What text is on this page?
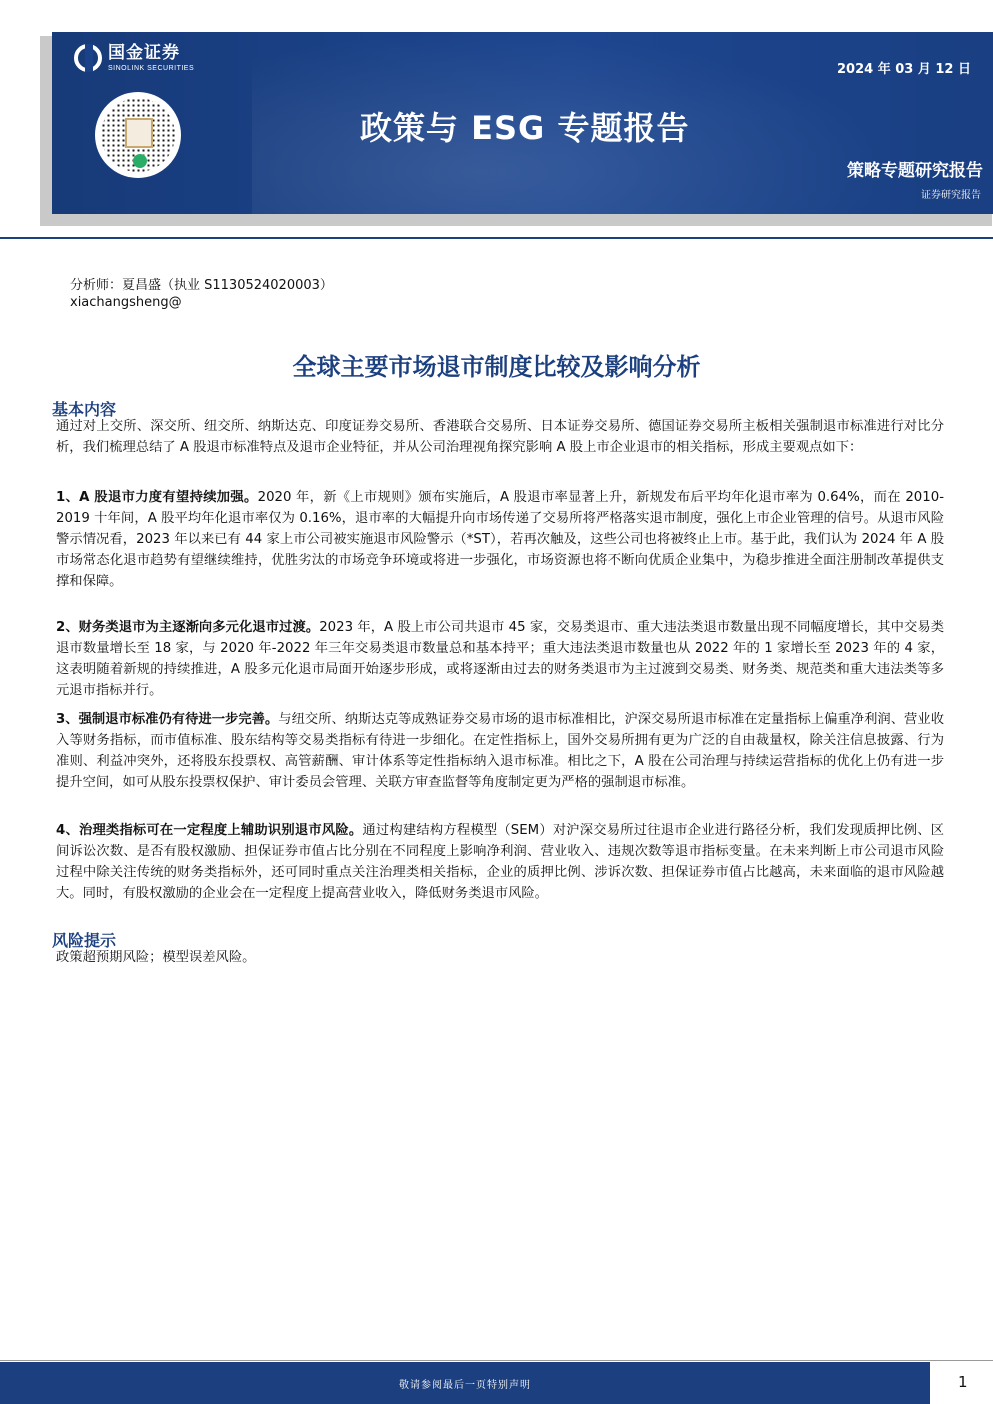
国金证券
SINOLINK SECURITIES	2024 年 03 月 12 日
政策与 ESG 专题报告
策略专题研究报告
证券研究报告
分析师：夏昌盛（执业 S1130524020003）
xiachangsheng@
全球主要市场退市制度比较及影响分析
基本内容
通过对上交所、深交所、纽交所、纳斯达克、印度证券交易所、香港联合交易所、日本证券交易所、德国证券交易所主板相关强制退市标准进行对比分析，我们梳理总结了 A 股退市标准特点及退市企业特征，并从公司治理视角探究影响 A 股上市企业退市的相关指标，形成主要观点如下：
1、A 股退市力度有望持续加强。2020 年，新《上市规则》颁布实施后，A 股退市率显著上升，新规发布后平均年化退市率为 0.64%，而在 2010-2019 十年间，A 股平均年化退市率仅为 0.16%，退市率的大幅提升向市场传递了交易所将严格落实退市制度，强化上市企业管理的信号。从退市风险警示情况看，2023 年以来已有 44 家上市公司被实施退市风险警示（*ST），若再次触及，这些公司也将被终止上市。基于此，我们认为 2024 年 A 股市场常态化退市趋势有望继续维持，优胜劣汰的市场竞争环境或将进一步强化，市场资源也将不断向优质企业集中，为稳步推进全面注册制改革提供支撑和保障。
2、财务类退市为主逐渐向多元化退市过渡。2023 年，A 股上市公司共退市 45 家，交易类退市、重大违法类退市数量出现不同幅度增长，其中交易类退市数量增长至 18 家，与 2020 年-2022 年三年交易类退市数量总和基本持平；重大违法类退市数量也从 2022 年的 1 家增长至 2023 年的 4 家，这表明随着新规的持续推进，A 股多元化退市局面开始逐步形成，或将逐渐由过去的财务类退市为主过渡到交易类、财务类、规范类和重大违法类等多元退市指标并行。
3、强制退市标准仍有待进一步完善。与纽交所、纳斯达克等成熟证券交易市场的退市标准相比，沪深交易所退市标准在定量指标上偏重净利润、营业收入等财务指标，而市值标准、股东结构等交易类指标有待进一步细化。在定性指标上，国外交易所拥有更为广泛的自由裁量权，除关注信息披露、行为准则、利益冲突外，还将股东投票权、高管薪酬、审计体系等定性指标纳入退市标准。相比之下，A 股在公司治理与持续运营指标的优化上仍有进一步提升空间，如可从股东投票权保护、审计委员会管理、关联方审查监督等角度制定更为严格的强制退市标准。
4、治理类指标可在一定程度上辅助识别退市风险。通过构建结构方程模型（SEM）对沪深交易所过往退市企业进行路径分析，我们发现质押比例、区间诉讼次数、是否有股权激励、担保证券市值占比分别在不同程度上影响净利润、营业收入、违规次数等退市指标变量。在未来判断上市公司退市风险过程中除关注传统的财务类指标外，还可同时重点关注治理类相关指标，企业的质押比例、涉诉次数、担保证券市值占比越高，未来面临的退市风险越大。同时，有股权激励的企业会在一定程度上提高营业收入，降低财务类退市风险。
风险提示
政策超预期风险；模型误差风险。
敬请参阅最后一页特别声明	1
